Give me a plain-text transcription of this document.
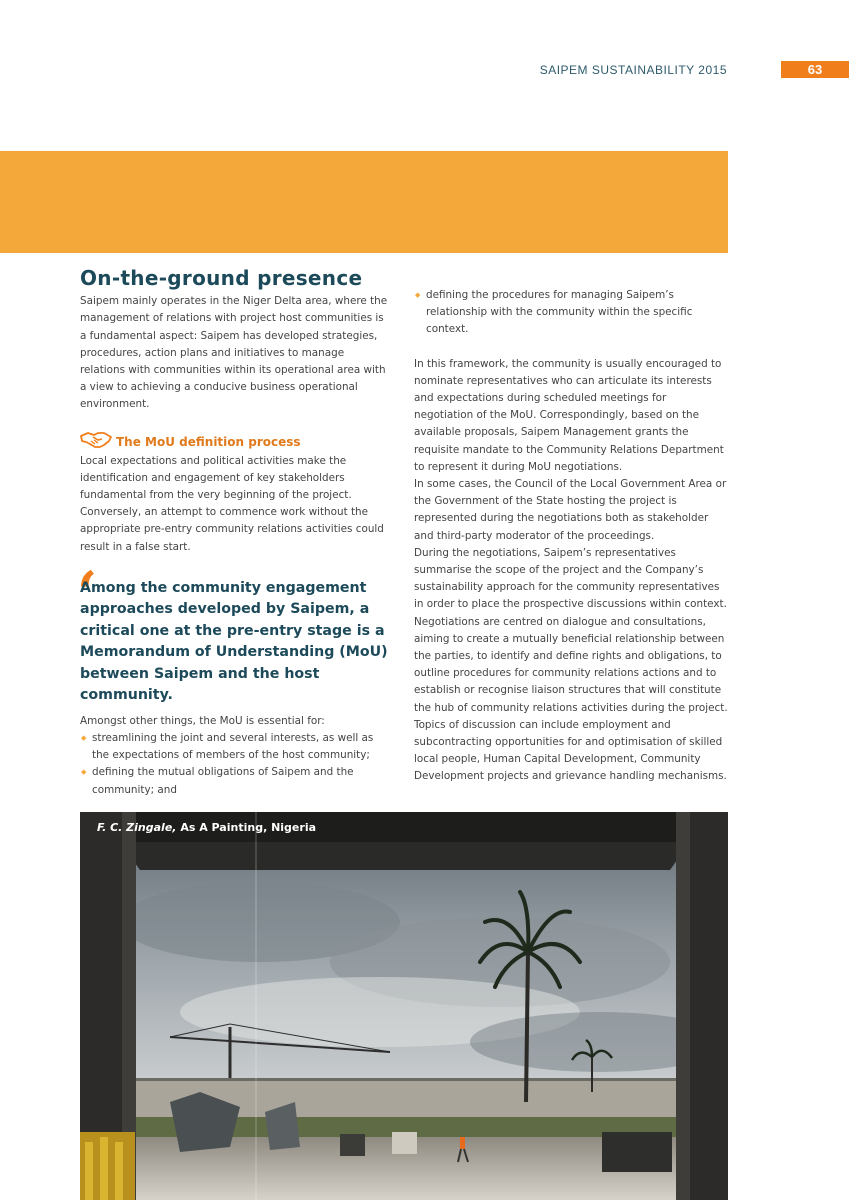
SAIPEM SUSTAINABILITY 2015	63
On-the-ground presence

Saipem mainly operates in the Niger Delta area, where the management of relations with project host communities is a fundamental aspect: Saipem has developed strategies, procedures, action plans and initiatives to manage relations with communities within its operational area with a view to achieving a conducive business operational environment.

The MoU definition process

Local expectations and political activities make the identification and engagement of key stakeholders fundamental from the very beginning of the project. Conversely, an attempt to commence work without the appropriate pre-entry community relations activities could result in a false start.

‘
Among the community engagement approaches developed by Saipem, a critical one at the pre-entry stage is a Memorandum of Understanding (MoU) between Saipem and the host community.

Amongst other things, the MoU is essential for:

◆ streamlining the joint and several interests, as well as the expectations of members of the host community;
◆ defining the mutual obligations of Saipem and the community; and
◆ defining the procedures for managing Saipem’s relationship with the community within the specific context.

In this framework, the community is usually encouraged to nominate representatives who can articulate its interests and expectations during scheduled meetings for negotiation of the MoU. Correspondingly, based on the available proposals, Saipem Management grants the requisite mandate to the Community Relations Department to represent it during MoU negotiations.

In some cases, the Council of the Local Government Area or the Government of the State hosting the project is represented during the negotiations both as stakeholder and third-party moderator of the proceedings.

During the negotiations, Saipem’s representatives summarise the scope of the project and the Company’s sustainability approach for the community representatives in order to place the prospective discussions within context. Negotiations are centred on dialogue and consultations, aiming to create a mutually beneficial relationship between the parties, to identify and define rights and obligations, to outline procedures for community relations actions and to establish or recognise liaison structures that will constitute the hub of community relations activities during the project.

Topics of discussion can include employment and subcontracting opportunities for and optimisation of skilled local people, Human Capital Development, Community Development projects and grievance handling mechanisms.

F. C. Zingale, As A Painting, Nigeria
